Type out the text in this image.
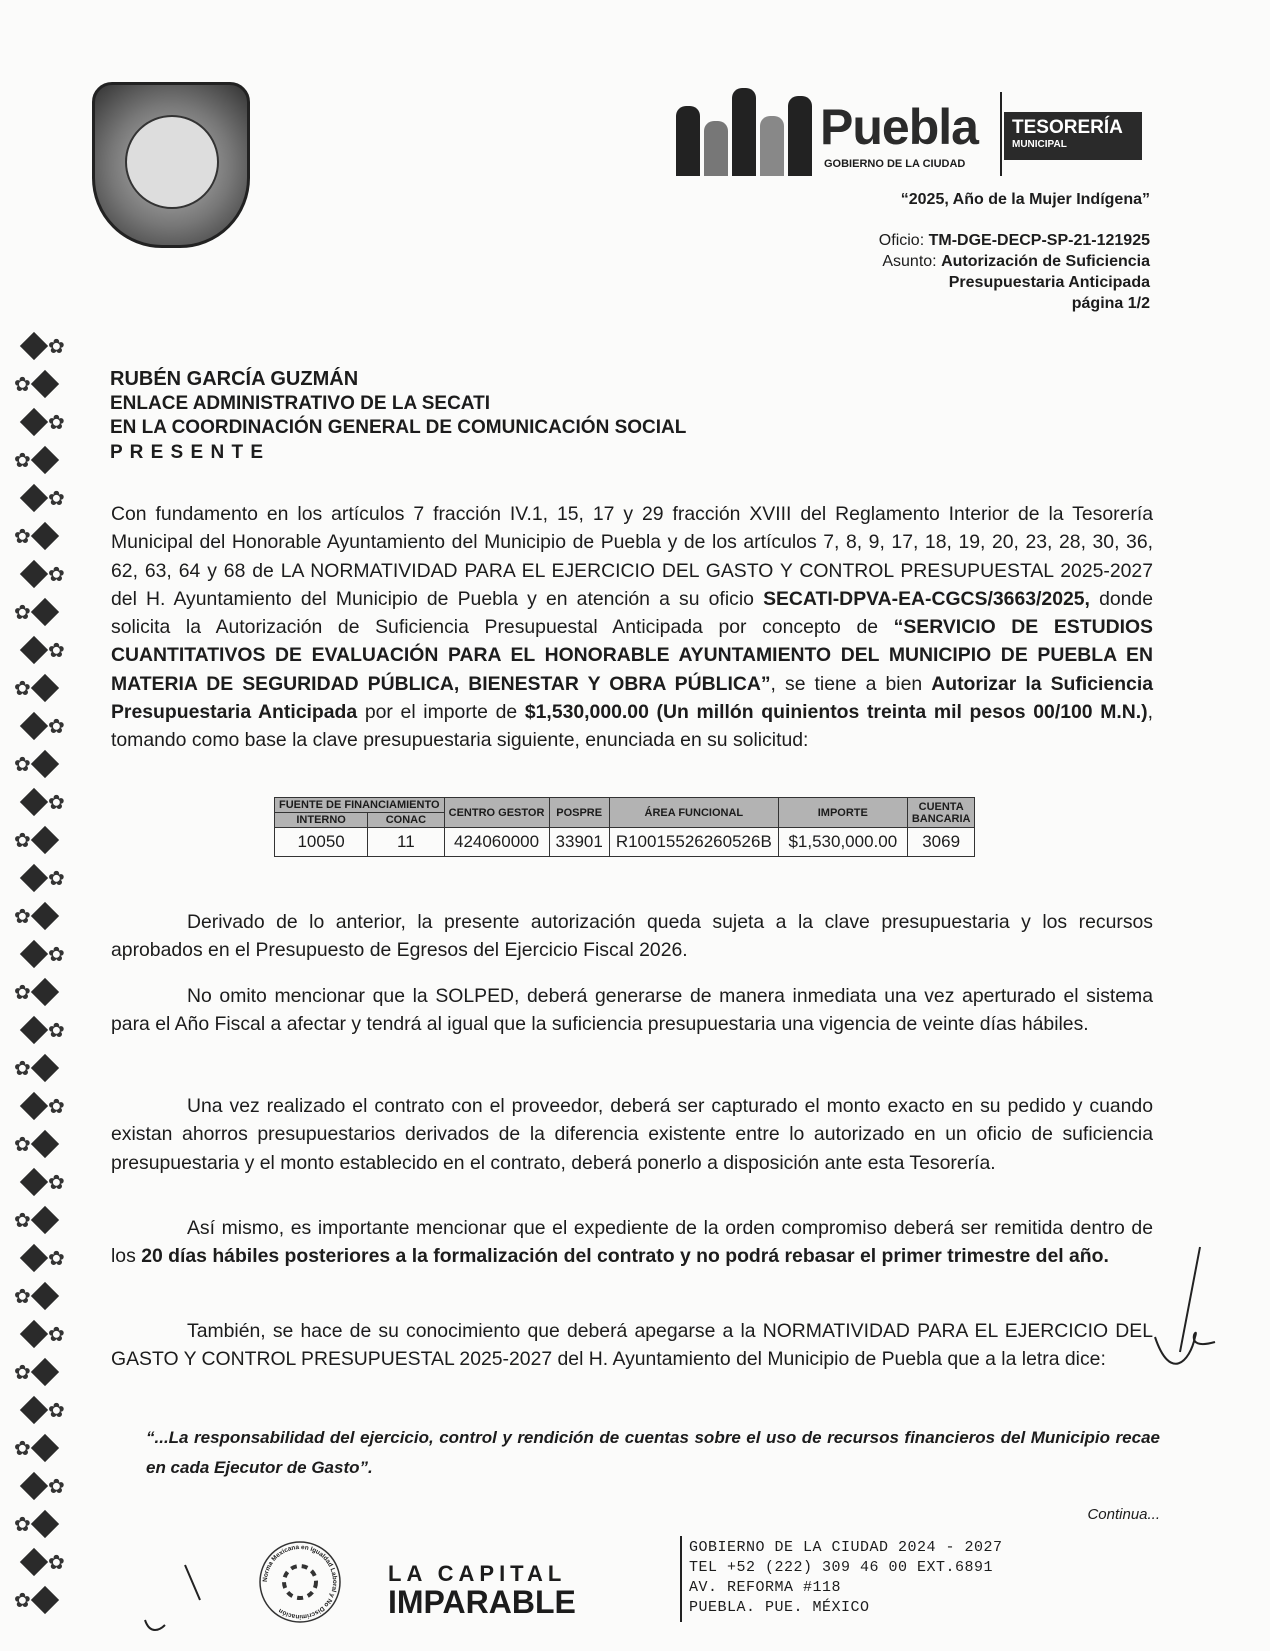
✿
✿
✿
✿
✿
✿
✿
✿
✿
✿
✿
✿
✿
✿
✿
✿
✿
✿
✿
✿
✿
✿
✿
✿
✿
✿
✿
✿
✿
✿
✿
✿
✿
✿
Puebla
GOBIERNO DE LA CIUDAD
TESORERÍA
MUNICIPAL
“2025, Año de la Mujer Indígena”
Oficio: TM-DGE-DECP-SP-21-121925
Asunto: Autorización de Suficiencia
Presupuestaria Anticipada
página 1/2
RUBÉN GARCÍA GUZMÁN
ENLACE ADMINISTRATIVO DE LA SECATI
EN LA COORDINACIÓN GENERAL DE COMUNICACIÓN SOCIAL
P R E S E N T E
Con fundamento en los artículos 7 fracción IV.1, 15, 17 y 29 fracción XVIII del Reglamento Interior de la Tesorería Municipal del Honorable Ayuntamiento del Municipio de Puebla y de los artículos 7, 8, 9, 17, 18, 19, 20, 23, 28, 30, 36, 62, 63, 64 y 68 de LA NORMATIVIDAD PARA EL EJERCICIO DEL GASTO Y CONTROL PRESUPUESTAL 2025-2027 del H. Ayuntamiento del Municipio de Puebla y en atención a su oficio SECATI-DPVA-EA-CGCS/3663/2025, donde solicita la Autorización de Suficiencia Presupuestal Anticipada por concepto de “SERVICIO DE ESTUDIOS CUANTITATIVOS DE EVALUACIÓN PARA EL HONORABLE AYUNTAMIENTO DEL MUNICIPIO DE PUEBLA EN MATERIA DE SEGURIDAD PÚBLICA, BIENESTAR Y OBRA PÚBLICA”, se tiene a bien Autorizar la Suficiencia Presupuestaria Anticipada por el importe de $1,530,000.00 (Un millón quinientos treinta mil pesos 00/100 M.N.), tomando como base la clave presupuestaria siguiente, enunciada en su solicitud:
FUENTE DE FINANCIAMIENTO		CENTRO GESTOR	POSPRE	ÁREA FUNCIONAL	IMPORTE	CUENTA BANCARIA
INTERNO	CONAC					
10050	11	424060000	33901	R10015526260526B	$1,530,000.00	3069
Derivado de lo anterior, la presente autorización queda sujeta a la clave presupuestaria y los recursos aprobados en el Presupuesto de Egresos del Ejercicio Fiscal 2026.
No omito mencionar que la SOLPED, deberá generarse de manera inmediata una vez aperturado el sistema para el Año Fiscal a afectar y tendrá al igual que la suficiencia presupuestaria una vigencia de veinte días hábiles.
Una vez realizado el contrato con el proveedor, deberá ser capturado el monto exacto en su pedido y cuando existan ahorros presupuestarios derivados de la diferencia existente entre lo autorizado en un oficio de suficiencia presupuestaria y el monto establecido en el contrato, deberá ponerlo a disposición ante esta Tesorería.
Así mismo, es importante mencionar que el expediente de la orden compromiso deberá ser remitida dentro de los 20 días hábiles posteriores a la formalización del contrato y no podrá rebasar el primer trimestre del año.
También, se hace de su conocimiento que deberá apegarse a la NORMATIVIDAD PARA EL EJERCICIO DEL GASTO Y CONTROL PRESUPUESTAL 2025-2027 del H. Ayuntamiento del Municipio de Puebla que a la letra dice:
“...La responsabilidad del ejercicio, control y rendición de cuentas sobre el uso de recursos financieros del Municipio recae en cada Ejecutor de Gasto”.
Continua...
Norma Mexicana en Igualdad Laboral y No Discriminación
LA CAPITAL
IMPARABLE
GOBIERNO DE LA CIUDAD 2024 - 2027
TEL +52 (222) 309 46 00 EXT.6891
AV. REFORMA #118
PUEBLA. PUE. MÉXICO
